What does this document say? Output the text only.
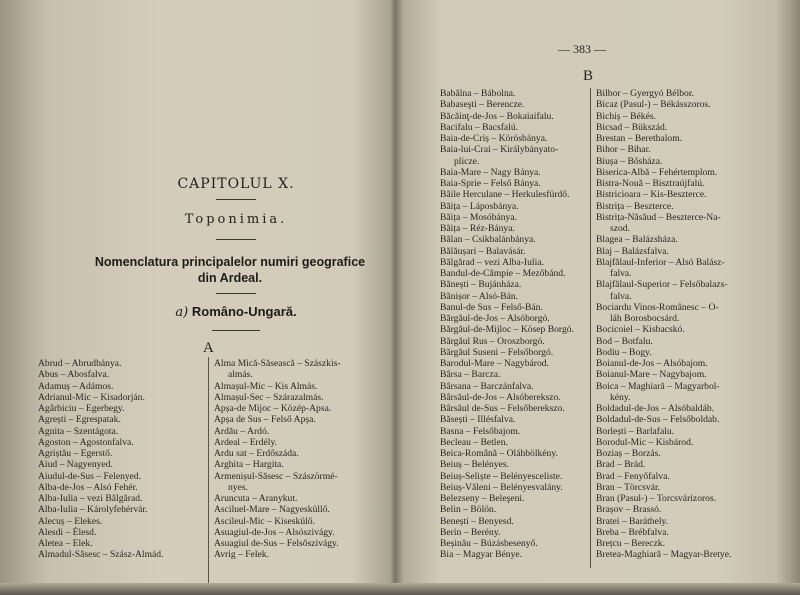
CAPITOLUL X.
Toponimia.
Nomenclatura principalelor numiri geografice
din Ardeal.
a) Româno-Ungară.
A
Abrud – Abrudbánya.
Abus – Abosfalva.
Adamuș – Adámos.
Adrianul-Mic – Kisadorján.
Agârbiciu – Egerbegy.
Agrești – Egrespatak.
Agnita – Szentágota.
Agoston – Agostonfalva.
Agriștău – Egerstő.
Aiud – Nagyenyed.
Aiudul-de-Sus – Felenyed.
Alba-de-Jos – Alsó Fehér.
Alba-Iulia – vezi Bălgărad.
Alba-Iulia – Károlyfehérvár.
Alecuș – Elekes.
Alesdi – Élesd.
Aletea – Elek.
Almadul-Săsesc – Szász-Almád.
Alma Mică-Săsească – Szászkis-
almás.
Almașul-Mic – Kis Almás.
Almașul-Sec – Szárazalmás.
Apșa-de Mijoc – Közép-Apsa.
Apșa de Sus – Felső Apșa.
Ardău – Ardó.
Ardeal – Erdély.
Ardu sat – Erdőszáda.
Arghita – Hargita.
Armenișul-Săsesc – Szászörmé-
nyes.
Aruncuta – Aranykut.
Asciluel-Mare – Nagyesküllő.
Ascileul-Mic – Kiseskülő.
Asuagiul-de-Jos – Alsószivágy.
Asuagiul de-Sus – Felsőszivágy.
Avrig – Felek.
— 383 —
B
Babălna – Bábolna.
Babaseşti – Berencze.
Băcăinţ-de-Jos – Bokaiaifalu.
Bacifalu – Bacsfalú.
Baia-de-Criș – Körösbánya.
Baia-lui-Crai – Királybányato-
plicze.
Baia-Mare – Nagy Bánya.
Baia-Sprie – Felső Bánya.
Băile Herculane – Herkulesfürdő.
Băița – Láposbánya.
Băița – Mosóbánya.
Băița – Réz-Bánya.
Bălan – Csikbalánbánya.
Bălăușari – Balavásár.
Bălgărad – vezi Alba-Iulia.
Bandul-de-Câmpie – Mezőbánd.
Bănești – Bujánháza.
Bănișor – Alsó-Bán.
Banul-de Sus – Felső-Bán.
Bărgăul-de-Jos – Alsóborgó.
Bărgăul-de-Mijloc – Kösep Borgó.
Bărgăul Rus – Oroszborgó.
Bărgăul Suseni – Felsőborgó.
Barodul-Mare – Nagybárod.
Bârsa – Barcza.
Bârsana – Barczánfalva.
Bârsăul-de-Jos – Alsóberekszo.
Bârsăul de-Sus – Felsőberekszo.
Băsești – Illésfalva.
Basna – Felsőbajom.
Becleau – Betlen.
Beica-Română – Oláhbölkény.
Beiuș – Belényes.
Beiuș-Seliște – Belényesceliste.
Beiuș-Văleni – Belényesvalány.
Belezseny – Beleşeni.
Belin – Bölön.
Benești – Benyesd.
Berin – Berény.
Beșinău – Búzásbesenyő.
Bia – Magyar Bénye.
Bilbor – Gyergyó Bélbor.
Bicaz (Pasul-) – Békásszoros.
Bichiș – Békés.
Bicsad – Bükszád.
Brestan – Berethalom.
Bihor – Bihar.
Biușa – Bősháza.
Biserica-Albă – Fehértemplom.
Bistra-Nouă – Bisztraújfalú.
Bistricioara – Kis-Beszterce.
Bistrița – Beszterce.
Bistrița-Năsăud – Beszterce-Na-
szod.
Blagea – Balázsháza.
Blaj – Balázsfalva.
Blajfălaul-Inferior – Alsó Balász-
falva.
Blajfălaul-Superior – Felsőbalazs-
falva.
Bociardu Vinos-Românesc – O-
láh Borosbocsárd.
Bocicoiel – Kisbacskó.
Bod – Botfalu.
Bodiu – Bogy.
Boianul-de-Jos – Alsóbajom.
Boianul-Mare – Nagybajom.
Boica – Maghiară – Magyarbol-
kény.
Boldadul-de-Jos – Alsóbaldáb.
Boldadul-de-Sus – Felsőboldab.
Borlești – Barlafalu.
Borodul-Mic – Kisbárod.
Boziaș – Borzás.
Brad – Brád.
Brad – Fenyőfalva.
Bran – Törcsvár.
Bran (Pasul-) – Torcsvárizoros.
Brașov – Brassó.
Bratei – Baráthely.
Breba – Brébfalva.
Brețcu – Bereczk.
Bretea-Maghiară – Magyar-Bretye.
